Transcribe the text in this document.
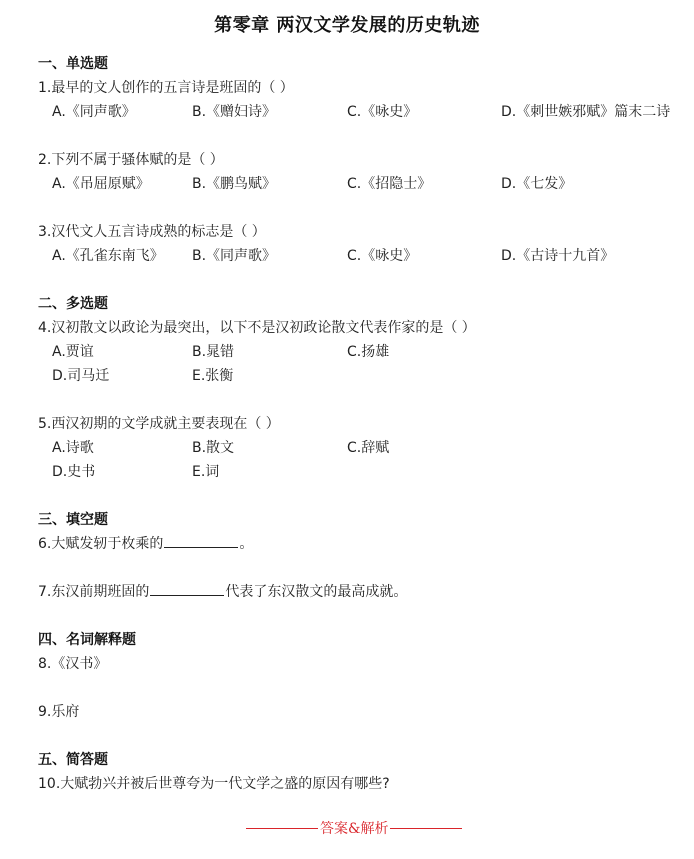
第零章 两汉文学发展的历史轨迹
一、单选题
1.最早的文人创作的五言诗是班固的（ ）
A.《同声歌》	B.《赠妇诗》	C.《咏史》	D.《刺世嫉邪赋》篇末二诗
2.下列不属于骚体赋的是（ ）
A.《吊屈原赋》	B.《鹏鸟赋》	C.《招隐士》	D.《七发》
3.汉代文人五言诗成熟的标志是（ ）
A.《孔雀东南飞》 B.《同声歌》	C.《咏史》	D.《古诗十九首》
二、多选题
4.汉初散文以政论为最突出，以下不是汉初政论散文代表作家的是（ ）
A.贾谊	B.晁错	C.扬雄
D.司马迁	E.张衡
5.西汉初期的文学成就主要表现在（ ）
A.诗歌	B.散文	C.辞赋
D.史书	E.词
三、填空题
6.大赋发轫于枚乘的	。
7.东汉前期班固的	代表了东汉散文的最高成就。
四、名词解释题
8.《汉书》
9.乐府
五、简答题
10.大赋勃兴并被后世尊夸为一代文学之盛的原因有哪些?
答案&解析
